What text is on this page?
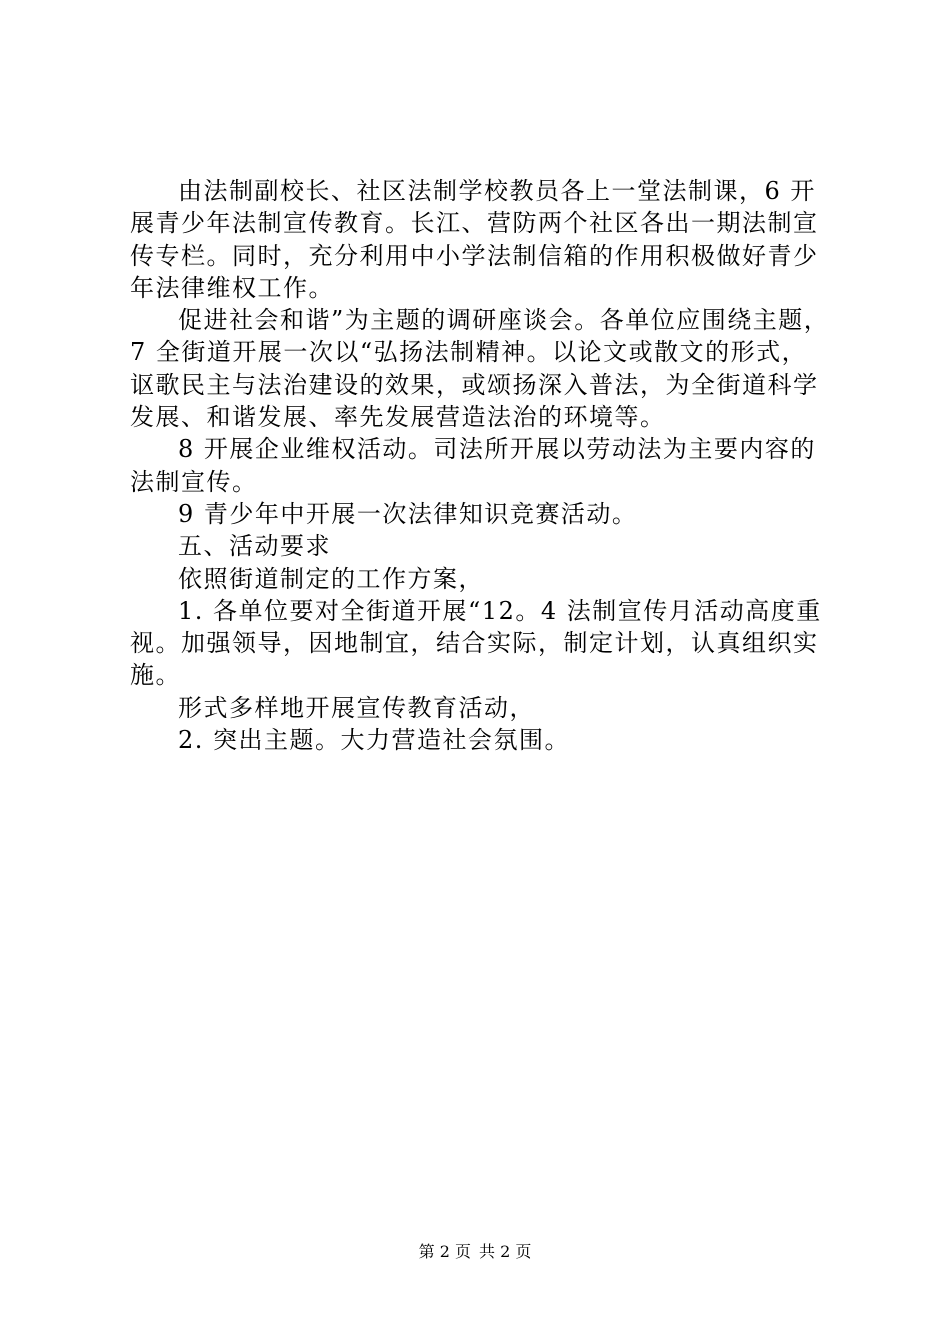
由法制副校长、社区法制学校教员各上一堂法制课，6 开
展青少年法制宣传教育。长江、营防两个社区各出一期法制宣
传专栏。同时，充分利用中小学法制信箱的作用积极做好青少
年法律维权工作。
促进社会和谐”为主题的调研座谈会。各单位应围绕主题，
7 全街道开展一次以“弘扬法制精神。以论文或散文的形式，
讴歌民主与法治建设的效果，或颂扬深入普法，为全街道科学
发展、和谐发展、率先发展营造法治的环境等。
8 开展企业维权活动。司法所开展以劳动法为主要内容的
法制宣传。
9 青少年中开展一次法律知识竞赛活动。
五、活动要求
依照街道制定的工作方案，
1. 各单位要对全街道开展“12。4 法制宣传月活动高度重
视。加强领导，因地制宜，结合实际，制定计划，认真组织实
施。
形式多样地开展宣传教育活动，
2. 突出主题。大力营造社会氛围。
第 2 页 共 2 页
